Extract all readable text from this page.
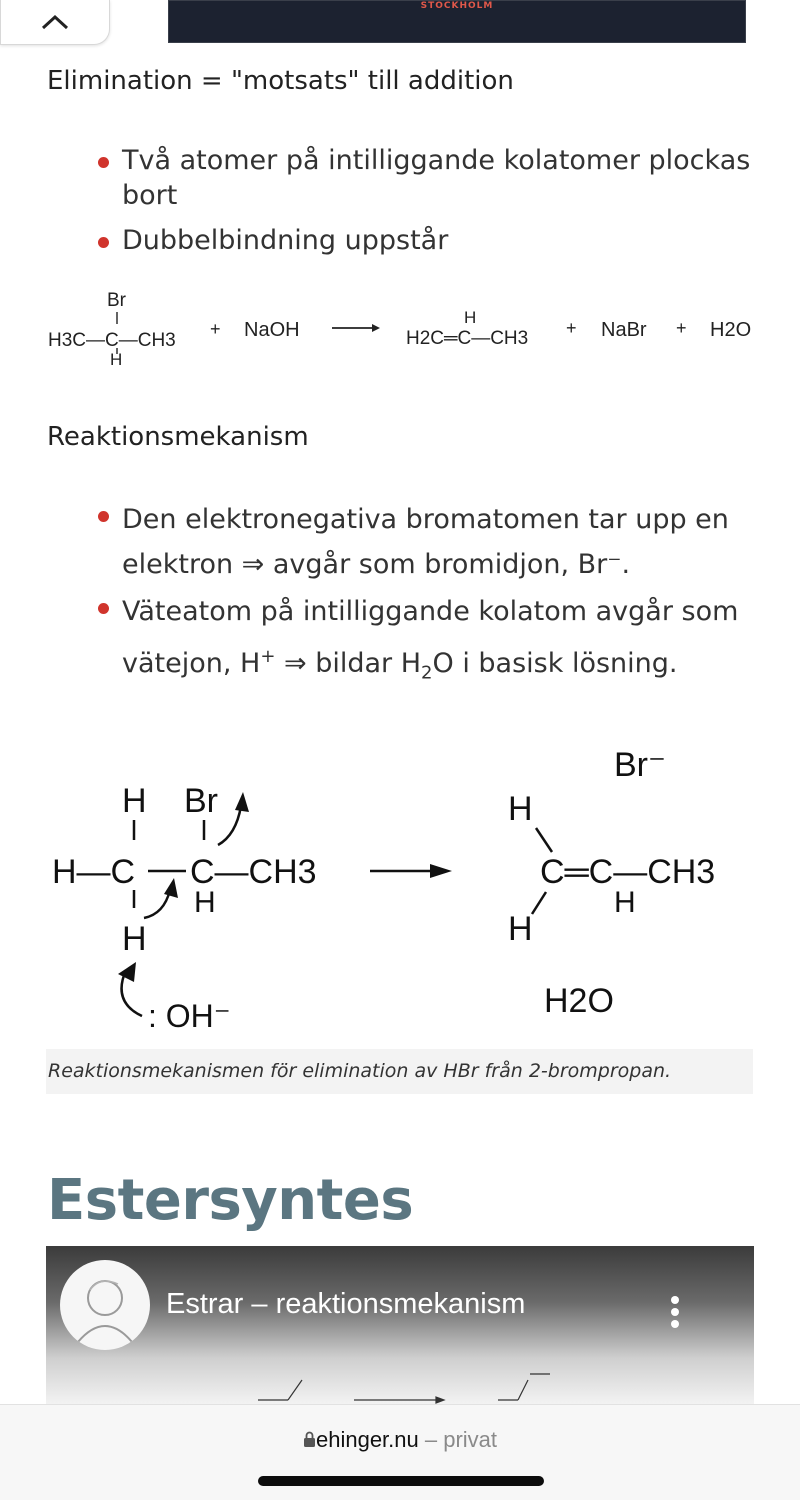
STOCKHOLM

Elimination = "motsats" till addition

Två atomer på intilliggande kolatomer plockas bort
Dubbelbindning uppstår
Br
H3C—C—CH3
H
+ NaOH
H
H2C═C—CH3 + NaBr + H2O

Reaktionsmekanism

Den elektronegativa bromatomen tar upp en elektron ⇒ avgår som bromidjon, Br⁻.
Väteatom på intilliggande kolatom avgår som vätejon, H+ ⇒ bildar $H_2O$ i basisk lösning.
H Br
H—C C—CH3
H
H
: OH⁻
Br⁻
H
C═C—CH3
H
H
H2O
Reaktionsmekanismen för elimination av HBr från 2-brompropan.
Estersyntes
Estrar – reaktionsmekanism
ehinger.nu – privat
